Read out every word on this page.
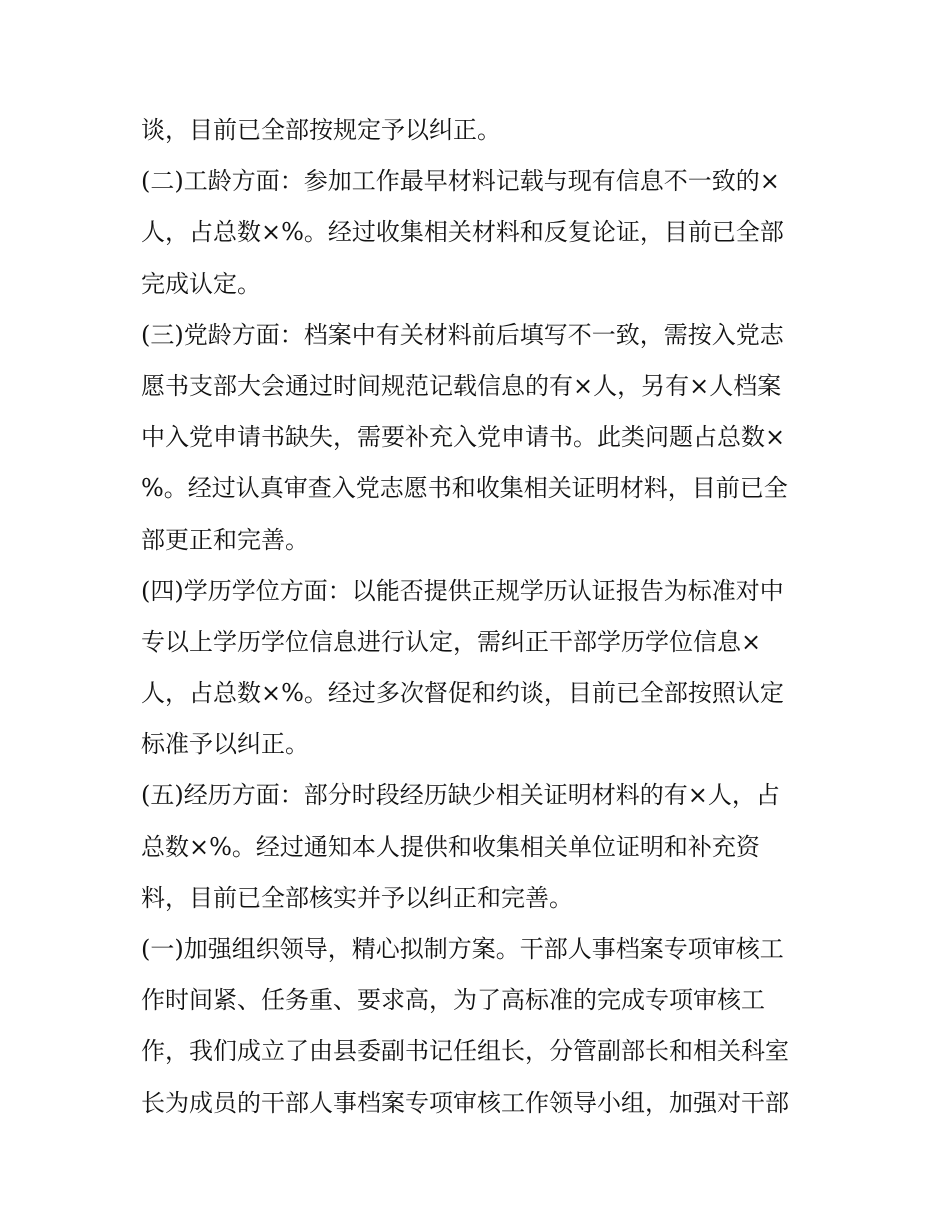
谈，目前已全部按规定予以纠正。
(二)工龄方面：参加工作最早材料记载与现有信息不一致的×
人，占总数×%。经过收集相关材料和反复论证，目前已全部
完成认定。
(三)党龄方面：档案中有关材料前后填写不一致，需按入党志
愿书支部大会通过时间规范记载信息的有×人，另有×人档案
中入党申请书缺失，需要补充入党申请书。此类问题占总数×
%。经过认真审查入党志愿书和收集相关证明材料，目前已全
部更正和完善。
(四)学历学位方面：以能否提供正规学历认证报告为标准对中
专以上学历学位信息进行认定，需纠正干部学历学位信息×
人，占总数×%。经过多次督促和约谈，目前已全部按照认定
标准予以纠正。
(五)经历方面：部分时段经历缺少相关证明材料的有×人，占
总数×%。经过通知本人提供和收集相关单位证明和补充资
料，目前已全部核实并予以纠正和完善。
(一)加强组织领导，精心拟制方案。干部人事档案专项审核工
作时间紧、任务重、要求高，为了高标准的完成专项审核工
作，我们成立了由县委副书记任组长，分管副部长和相关科室
长为成员的干部人事档案专项审核工作领导小组，加强对干部
